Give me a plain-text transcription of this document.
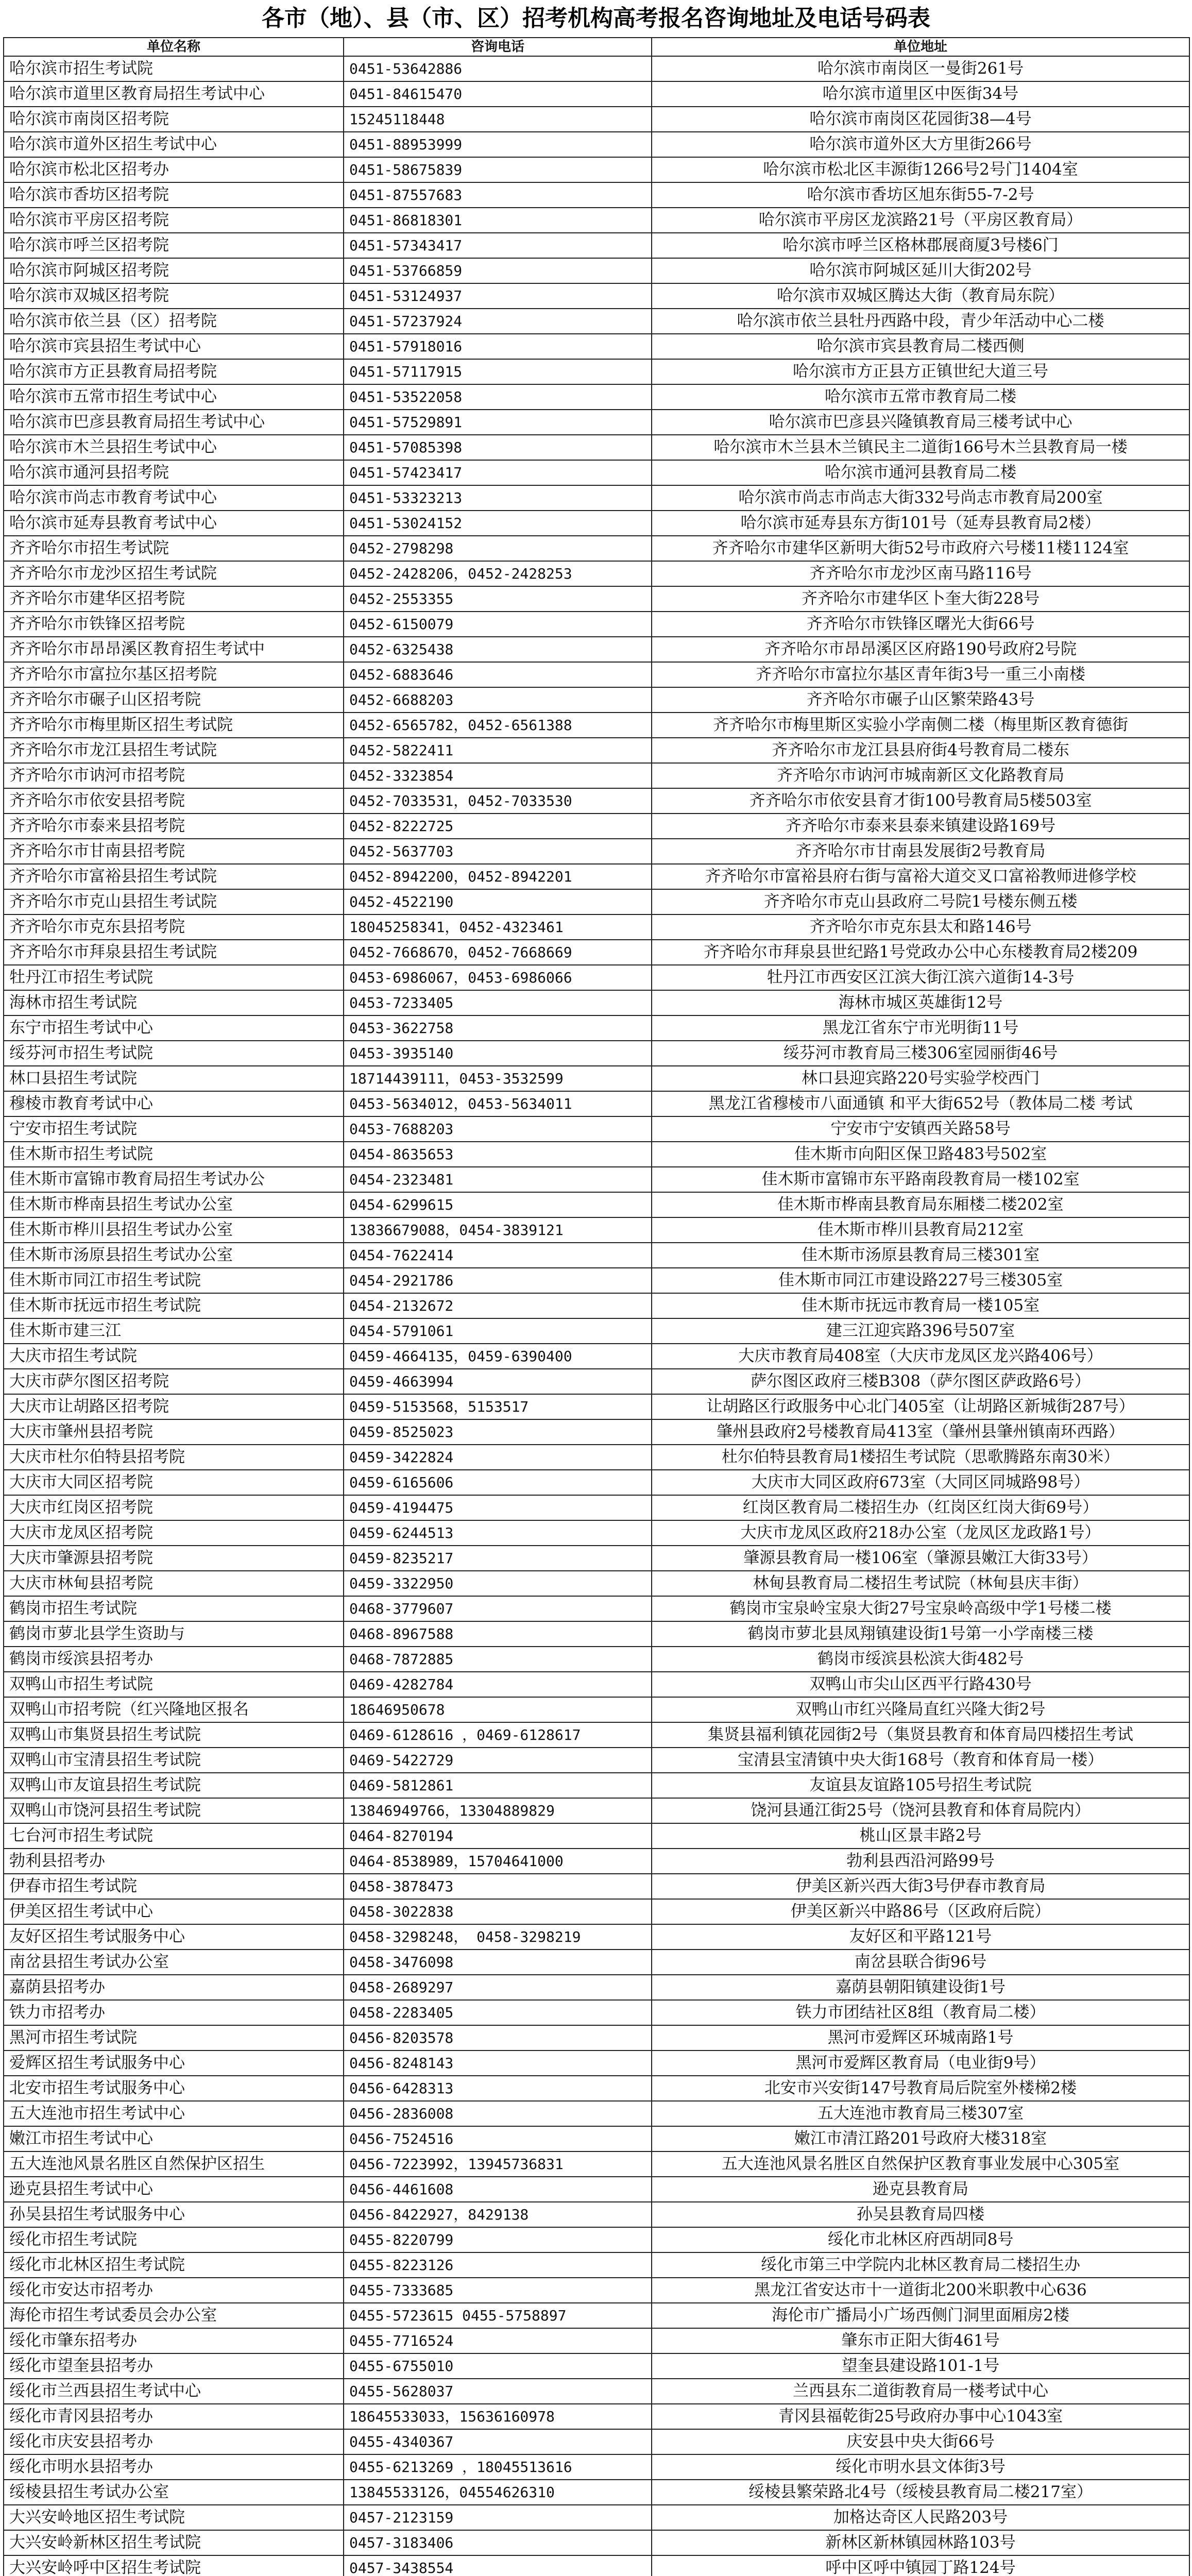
各市（地）、县（市、区）招考机构高考报名咨询地址及电话号码表
单位名称	咨询电话	单位地址
哈尔滨市招生考试院	0451-53642886	哈尔滨市南岗区一曼街261号
哈尔滨市道里区教育局招生考试中心	0451-84615470	哈尔滨市道里区中医街34号
哈尔滨市南岗区招考院	15245118448	哈尔滨市南岗区花园街38—4号
哈尔滨市道外区招生考试中心	0451-88953999	哈尔滨市道外区大方里街266号
哈尔滨市松北区招考办	0451-58675839	哈尔滨市松北区丰源街1266号2号门1404室
哈尔滨市香坊区招考院	0451-87557683	哈尔滨市香坊区旭东街55-7-2号
哈尔滨市平房区招考院	0451-86818301	哈尔滨市平房区龙滨路21号（平房区教育局）
哈尔滨市呼兰区招考院	0451-57343417	哈尔滨市呼兰区格林郡展商厦3号楼6门
哈尔滨市阿城区招考院	0451-53766859	哈尔滨市阿城区延川大街202号
哈尔滨市双城区招考院	0451-53124937	哈尔滨市双城区腾达大街（教育局东院）
哈尔滨市依兰县（区）招考院	0451-57237924	哈尔滨市依兰县牡丹西路中段，青少年活动中心二楼
哈尔滨市宾县招生考试中心	0451-57918016	哈尔滨市宾县教育局二楼西侧
哈尔滨市方正县教育局招考院	0451-57117915	哈尔滨市方正县方正镇世纪大道三号
哈尔滨市五常市招生考试中心	0451-53522058	哈尔滨市五常市教育局二楼
哈尔滨市巴彦县教育局招生考试中心	0451-57529891	哈尔滨市巴彦县兴隆镇教育局三楼考试中心
哈尔滨市木兰县招生考试中心	0451-57085398	哈尔滨市木兰县木兰镇民主二道街166号木兰县教育局一楼
哈尔滨市通河县招考院	0451-57423417	哈尔滨市通河县教育局二楼
哈尔滨市尚志市教育考试中心	0451-53323213	哈尔滨市尚志市尚志大街332号尚志市教育局200室
哈尔滨市延寿县教育考试中心	0451-53024152	哈尔滨市延寿县东方街101号（延寿县教育局2楼）
齐齐哈尔市招生考试院	0452-2798298	齐齐哈尔市建华区新明大街52号市政府六号楼11楼1124室
齐齐哈尔市龙沙区招生考试院	0452-2428206，0452-2428253	齐齐哈尔市龙沙区南马路116号
齐齐哈尔市建华区招考院	0452-2553355	齐齐哈尔市建华区卜奎大街228号
齐齐哈尔市铁锋区招考院	0452-6150079	齐齐哈尔市铁锋区曙光大街66号
齐齐哈尔市昂昂溪区教育招生考试中	0452-6325438	齐齐哈尔市昂昂溪区区府路190号政府2号院
齐齐哈尔市富拉尔基区招考院	0452-6883646	齐齐哈尔市富拉尔基区青年街3号一重三小南楼
齐齐哈尔市碾子山区招考院	0452-6688203	齐齐哈尔市碾子山区繁荣路43号
齐齐哈尔市梅里斯区招生考试院	0452-6565782，0452-6561388	齐齐哈尔市梅里斯区实验小学南侧二楼（梅里斯区教育德街
齐齐哈尔市龙江县招生考试院	0452-5822411	齐齐哈尔市龙江县县府街4号教育局二楼东
齐齐哈尔市讷河市招考院	0452-3323854	齐齐哈尔市讷河市城南新区文化路教育局
齐齐哈尔市依安县招考院	0452-7033531，0452-7033530	齐齐哈尔市依安县育才街100号教育局5楼503室
齐齐哈尔市泰来县招考院	0452-8222725	齐齐哈尔市泰来县泰来镇建设路169号
齐齐哈尔市甘南县招考院	0452-5637703	齐齐哈尔市甘南县发展街2号教育局
齐齐哈尔市富裕县招生考试院	0452-8942200，0452-8942201	齐齐哈尔市富裕县府右街与富裕大道交叉口富裕教师进修学校
齐齐哈尔市克山县招生考试院	0452-4522190	齐齐哈尔市克山县政府二号院1号楼东侧五楼
齐齐哈尔市克东县招考院	18045258341，0452-4323461	齐齐哈尔市克东县太和路146号
齐齐哈尔市拜泉县招生考试院	0452-7668670，0452-7668669	齐齐哈尔市拜泉县世纪路1号党政办公中心东楼教育局2楼209
牡丹江市招生考试院	0453-6986067，0453-6986066	牡丹江市西安区江滨大街江滨六道街14-3号
海林市招生考试院	0453-7233405	海林市城区英雄街12号
东宁市招生考试中心	0453-3622758	黑龙江省东宁市光明街11号
绥芬河市招生考试院	0453-3935140	绥芬河市教育局三楼306室园丽街46号
林口县招生考试院	18714439111，0453-3532599	林口县迎宾路220号实验学校西门
穆棱市教育考试中心	0453-5634012，0453-5634011	黑龙江省穆棱市八面通镇 和平大街652号（教体局二楼 考试
宁安市招生考试院	0453-7688203	宁安市宁安镇西关路58号
佳木斯市招生考试院	0454-8635653	佳木斯市向阳区保卫路483号502室
佳木斯市富锦市教育局招生考试办公	0454-2323481	佳木斯市富锦市东平路南段教育局一楼102室
佳木斯市桦南县招生考试办公室	0454-6299615	佳木斯市桦南县教育局东厢楼二楼202室
佳木斯市桦川县招生考试办公室	13836679088，0454-3839121	佳木斯市桦川县教育局212室
佳木斯市汤原县招生考试办公室	0454-7622414	佳木斯市汤原县教育局三楼301室
佳木斯市同江市招生考试院	0454-2921786	佳木斯市同江市建设路227号三楼305室
佳木斯市抚远市招生考试院	0454-2132672	佳木斯市抚远市教育局一楼105室
佳木斯市建三江	0454-5791061	建三江迎宾路396号507室
大庆市招生考试院	0459-4664135，0459-6390400	大庆市教育局408室（大庆市龙凤区龙兴路406号）
大庆市萨尔图区招考院	0459-4663994	萨尔图区政府三楼B308（萨尔图区萨政路6号）
大庆市让胡路区招考院	0459-5153568，5153517	让胡路区行政服务中心北门405室（让胡路区新城街287号）
大庆市肇州县招考院	0459-8525023	肇州县政府2号楼教育局413室（肇州县肇州镇南环西路）
大庆市杜尔伯特县招考院	0459-3422824	杜尔伯特县教育局1楼招生考试院（思歌腾路东南30米）
大庆市大同区招考院	0459-6165606	大庆市大同区政府673室（大同区同城路98号）
大庆市红岗区招考院	0459-4194475	红岗区教育局二楼招生办（红岗区红岗大街69号）
大庆市龙凤区招考院	0459-6244513	大庆市龙凤区政府218办公室（龙凤区龙政路1号）
大庆市肇源县招考院	0459-8235217	肇源县教育局一楼106室（肇源县嫩江大街33号）
大庆市林甸县招考院	0459-3322950	林甸县教育局二楼招生考试院（林甸县庆丰街）
鹤岗市招生考试院	0468-3779607	鹤岗市宝泉岭宝泉大街27号宝泉岭高级中学1号楼二楼
鹤岗市萝北县学生资助与	0468-8967588	鹤岗市萝北县凤翔镇建设街1号第一小学南楼三楼
鹤岗市绥滨县招考办	0468-7872885	鹤岗市绥滨县松滨大街482号
双鸭山市招生考试院	0469-4282784	双鸭山市尖山区西平行路430号
双鸭山市招考院（红兴隆地区报名	18646950678	双鸭山市红兴隆局直红兴隆大街2号
双鸭山市集贤县招生考试院	0469-6128616 ，0469-6128617	集贤县福利镇花园街2号（集贤县教育和体育局四楼招生考试
双鸭山市宝清县招生考试院	0469-5422729	宝清县宝清镇中央大街168号（教育和体育局一楼）
双鸭山市友谊县招生考试院	0469-5812861	友谊县友谊路105号招生考试院
双鸭山市饶河县招生考试院	13846949766，13304889829	饶河县通江街25号（饶河县教育和体育局院内）
七台河市招生考试院	0464-8270194	桃山区景丰路2号
勃利县招考办	0464-8538989，15704641000	勃利县西沿河路99号
伊春市招生考试院	0458-3878473	伊美区新兴西大街3号伊春市教育局
伊美区招生考试中心	0458-3022838	伊美区新兴中路86号（区政府后院）
友好区招生考试服务中心	0458-3298248， 0458-3298219	友好区和平路121号
南岔县招生考试办公室	0458-3476098	南岔县联合街96号
嘉荫县招考办	0458-2689297	嘉荫县朝阳镇建设街1号
铁力市招考办	0458-2283405	铁力市团结社区8组（教育局二楼）
黑河市招生考试院	0456-8203578	黑河市爱辉区环城南路1号
爱辉区招生考试服务中心	0456-8248143	黑河市爱辉区教育局（电业街9号）
北安市招生考试服务中心	0456-6428313	北安市兴安街147号教育局后院室外楼梯2楼
五大连池市招生考试中心	0456-2836008	五大连池市教育局三楼307室
嫩江市招生考试中心	0456-7524516	嫩江市清江路201号政府大楼318室
五大连池风景名胜区自然保护区招生	0456-7223992，13945736831	五大连池风景名胜区自然保护区教育事业发展中心305室
逊克县招生考试中心	0456-4461608	逊克县教育局
孙吴县招生考试服务中心	0456-8422927，8429138	孙吴县教育局四楼
绥化市招生考试院	0455-8220799	绥化市北林区府西胡同8号
绥化市北林区招生考试院	0455-8223126	绥化市第三中学院内北林区教育局二楼招生办
绥化市安达市招考办	0455-7333685	黑龙江省安达市十一道街北200米职教中心636
海伦市招生考试委员会办公室	0455-5723615 0455-5758897	海伦市广播局小广场西侧门洞里面厢房2楼
绥化市肇东招考办	0455-7716524	肇东市正阳大街461号
绥化市望奎县招考办	0455-6755010	望奎县建设路101-1号
绥化市兰西县招生考试中心	0455-5628037	兰西县东二道街教育局一楼考试中心
绥化市青冈县招考办	18645533033，15636160978	青冈县福乾街25号政府办事中心1043室
绥化市庆安县招考办	0455-4340367	庆安县中央大街66号
绥化市明水县招考办	0455-6213269 ，18045513616	绥化市明水县文体街3号
绥棱县招生考试办公室	13845533126，04554626310	绥棱县繁荣路北4号（绥棱县教育局二楼217室）
大兴安岭地区招生考试院	0457-2123159	加格达奇区人民路203号
大兴安岭新林区招生考试院	0457-3183406	新林区新林镇园林路103号
大兴安岭呼中区招生考试院	0457-3438554	呼中区呼中镇园丁路124号
